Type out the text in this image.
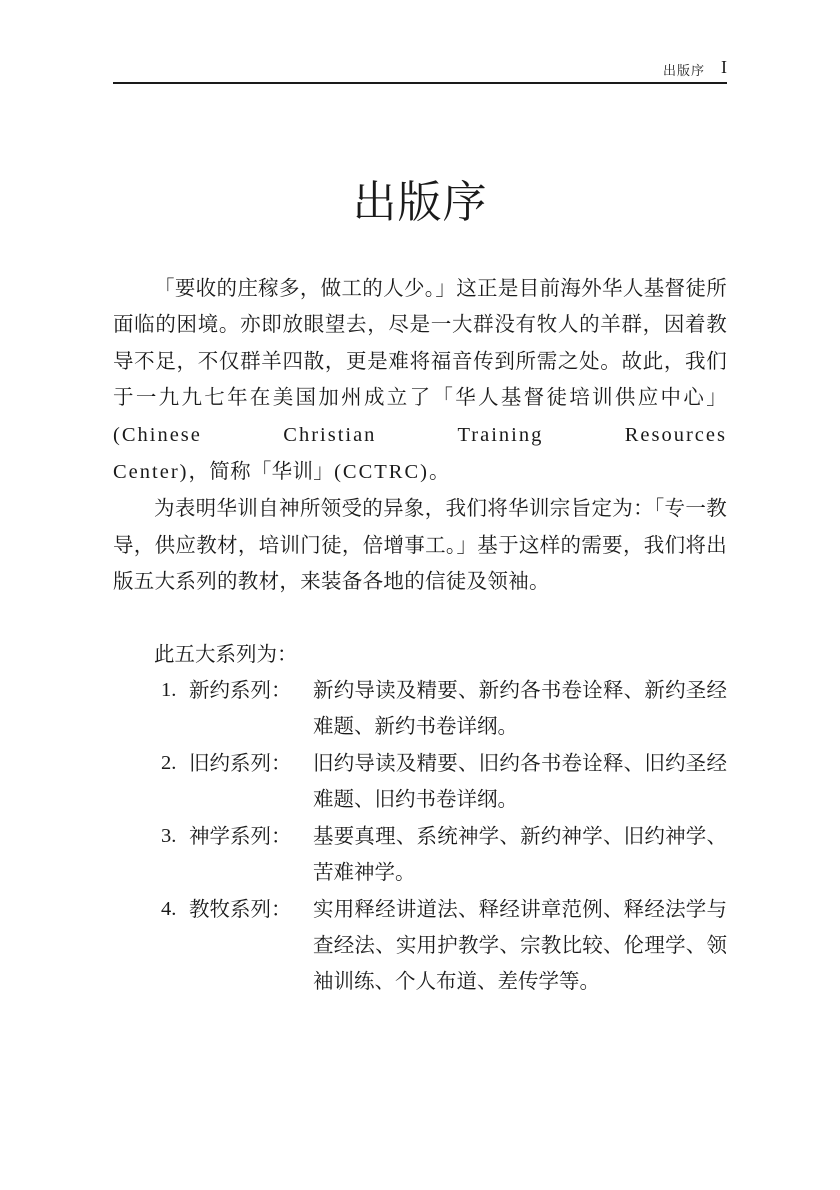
出版序 I
出版序

「要收的庄稼多，做工的人少。」这正是目前海外华人基督徒所面临的困境。亦即放眼望去，尽是一大群没有牧人的羊群，因着教导不足，不仅群羊四散，更是难将福音传到所需之处。故此，我们于一九九七年在美国加州成立了「华人基督徒培训供应中心」(Chinese Christian Training Resources Center)，简称「华训」(CCTRC)。

为表明华训自神所领受的异象，我们将华训宗旨定为：「专一教导，供应教材，培训门徒，倍增事工。」基于这样的需要，我们将出版五大系列的教材，来装备各地的信徒及领袖。

此五大系列为：

1. 新约系列： 新约导读及精要、新约各书卷诠释、新约圣经难题、新约书卷详纲。
2. 旧约系列： 旧约导读及精要、旧约各书卷诠释、旧约圣经难题、旧约书卷详纲。
3. 神学系列： 基要真理、系统神学、新约神学、旧约神学、苦难神学。
4. 教牧系列： 实用释经讲道法、释经讲章范例、释经法学与查经法、实用护教学、宗教比较、伦理学、领袖训练、个人布道、差传学等。
